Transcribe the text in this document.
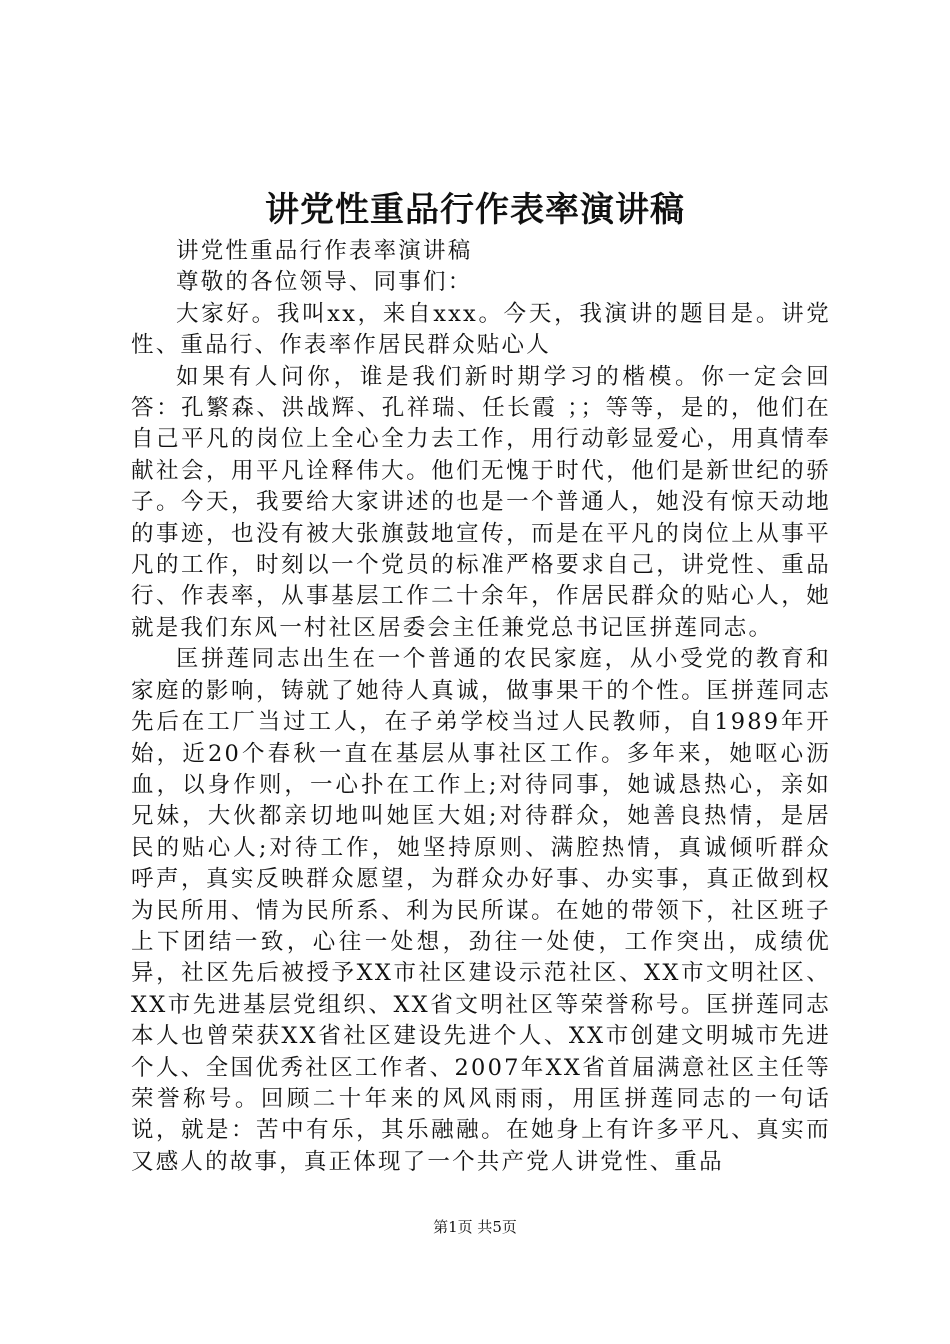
讲党性重品行作表率演讲稿

讲党性重品行作表率演讲稿

尊敬的各位领导、同事们：

大家好。我叫xx，来自xxx。今天，我演讲的题目是。讲党性、重品行、作表率作居民群众贴心人

如果有人问你，谁是我们新时期学习的楷模。你一定会回答：孔繁森、洪战辉、孔祥瑞、任长霞 ；；等等，是的，他们在自己平凡的岗位上全心全力去工作，用行动彰显爱心，用真情奉献社会，用平凡诠释伟大。他们无愧于时代，他们是新世纪的骄子。今天，我要给大家讲述的也是一个普通人，她没有惊天动地的事迹，也没有被大张旗鼓地宣传，而是在平凡的岗位上从事平凡的工作，时刻以一个党员的标准严格要求自己，讲党性、重品行、作表率，从事基层工作二十余年，作居民群众的贴心人，她就是我们东风一村社区居委会主任兼党总书记匡拼莲同志。

匡拼莲同志出生在一个普通的农民家庭，从小受党的教育和家庭的影响，铸就了她待人真诚，做事果干的个性。匡拼莲同志先后在工厂当过工人，在子弟学校当过人民教师，自1989年开始，近20个春秋一直在基层从事社区工作。多年来，她呕心沥血，以身作则，一心扑在工作上;对待同事，她诚恳热心，亲如兄妹，大伙都亲切地叫她匡大姐;对待群众，她善良热情，是居民的贴心人;对待工作，她坚持原则、满腔热情，真诚倾听群众呼声，真实反映群众愿望，为群众办好事、办实事，真正做到权为民所用、情为民所系、利为民所谋。在她的带领下，社区班子上下团结一致，心往一处想，劲往一处使，工作突出，成绩优异，社区先后被授予XX市社区建设示范社区、XX市文明社区、XX市先进基层党组织、XX省文明社区等荣誉称号。匡拼莲同志本人也曾荣获XX省社区建设先进个人、XX市创建文明城市先进个人、全国优秀社区工作者、2007年XX省首届满意社区主任等荣誉称号。回顾二十年来的风风雨雨，用匡拼莲同志的一句话说，就是：苦中有乐，其乐融融。在她身上有许多平凡、真实而又感人的故事，真正体现了一个共产党人讲党性、重品

第1页 共5页
